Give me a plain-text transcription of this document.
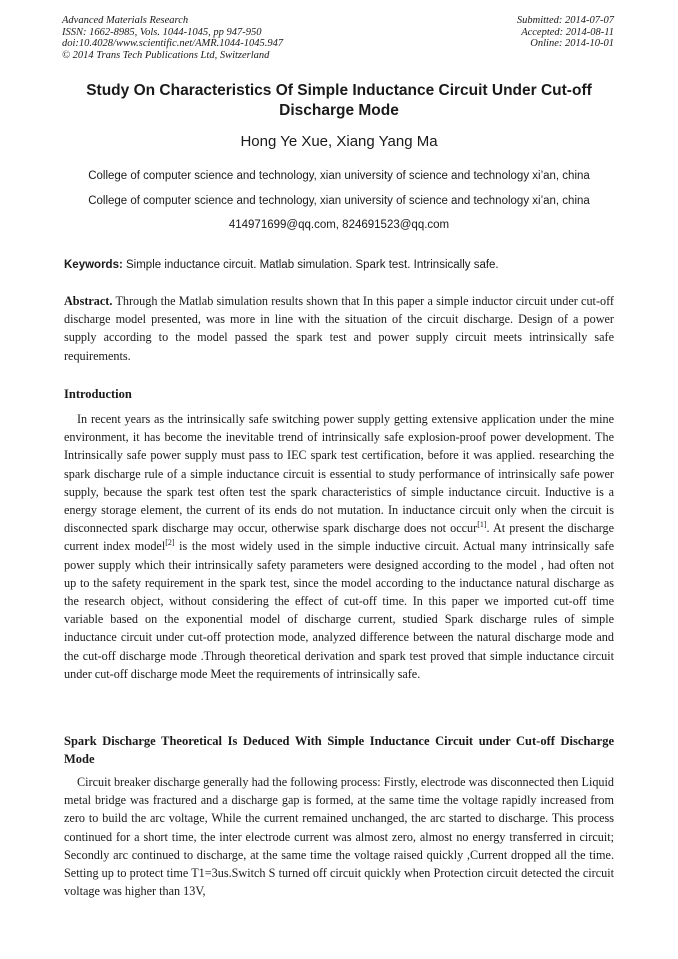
Advanced Materials Research
ISSN: 1662-8985, Vols. 1044-1045, pp 947-950
doi:10.4028/www.scientific.net/AMR.1044-1045.947
© 2014 Trans Tech Publications Ltd, Switzerland
Submitted: 2014-07-07
Accepted: 2014-08-11
Online: 2014-10-01
Study On Characteristics Of Simple Inductance Circuit Under Cut-off
Discharge Mode
Hong Ye Xue, Xiang Yang Ma
College of computer science and technology, xian university of science and technology xi’an, china
College of computer science and technology, xian university of science and technology xi’an, china
414971699@qq.com, 824691523@qq.com
Keywords: Simple inductance circuit. Matlab simulation. Spark test. Intrinsically safe.
Abstract. Through the Matlab simulation results shown that In this paper a simple inductor circuit under cut-off discharge model presented, was more in line with the situation of the circuit discharge. Design of a power supply according to the model passed the spark test and power supply circuit meets intrinsically safe requirements.
Introduction
In recent years as the intrinsically safe switching power supply getting extensive application under the mine environment, it has become the inevitable trend of intrinsically safe explosion-proof power development. The Intrinsically safe power supply must pass to IEC spark test certification, before it was applied. researching the spark discharge rule of a simple inductance circuit is essential to study performance of intrinsically safe power supply, because the spark test often test the spark characteristics of simple inductance circuit. Inductive is a energy storage element, the current of its ends do not mutation. In inductance circuit only when the circuit is disconnected spark discharge may occur, otherwise spark discharge does not occur[1]. At present the discharge current index model[2] is the most widely used in the simple inductive circuit. Actual many intrinsically safe power supply which their intrinsically safety parameters were designed according to the model , had often not up to the safety requirement in the spark test, since the model according to the inductance natural discharge as the research object, without considering the effect of cut-off time. In this paper we imported cut-off time variable based on the exponential model of discharge current, studied Spark discharge rules of simple inductance circuit under cut-off protection mode, analyzed difference between the natural discharge mode and the cut-off discharge mode .Through theoretical derivation and spark test proved that simple inductance circuit under cut-off discharge mode Meet the requirements of intrinsically safe.
Spark Discharge Theoretical Is Deduced With Simple Inductance Circuit under Cut-off Discharge Mode
Circuit breaker discharge generally had the following process: Firstly, electrode was disconnected then Liquid metal bridge was fractured and a discharge gap is formed, at the same time the voltage rapidly increased from zero to build the arc voltage, While the current remained unchanged, the arc started to discharge. This process continued for a short time, the inter electrode current was almost zero, almost no energy transferred in circuit; Secondly arc continued to discharge, at the same time the voltage raised quickly ,Current dropped all the time. Setting up to protect time T1=3us.Switch S turned off circuit quickly when Protection circuit detected the circuit voltage was higher than 13V,
